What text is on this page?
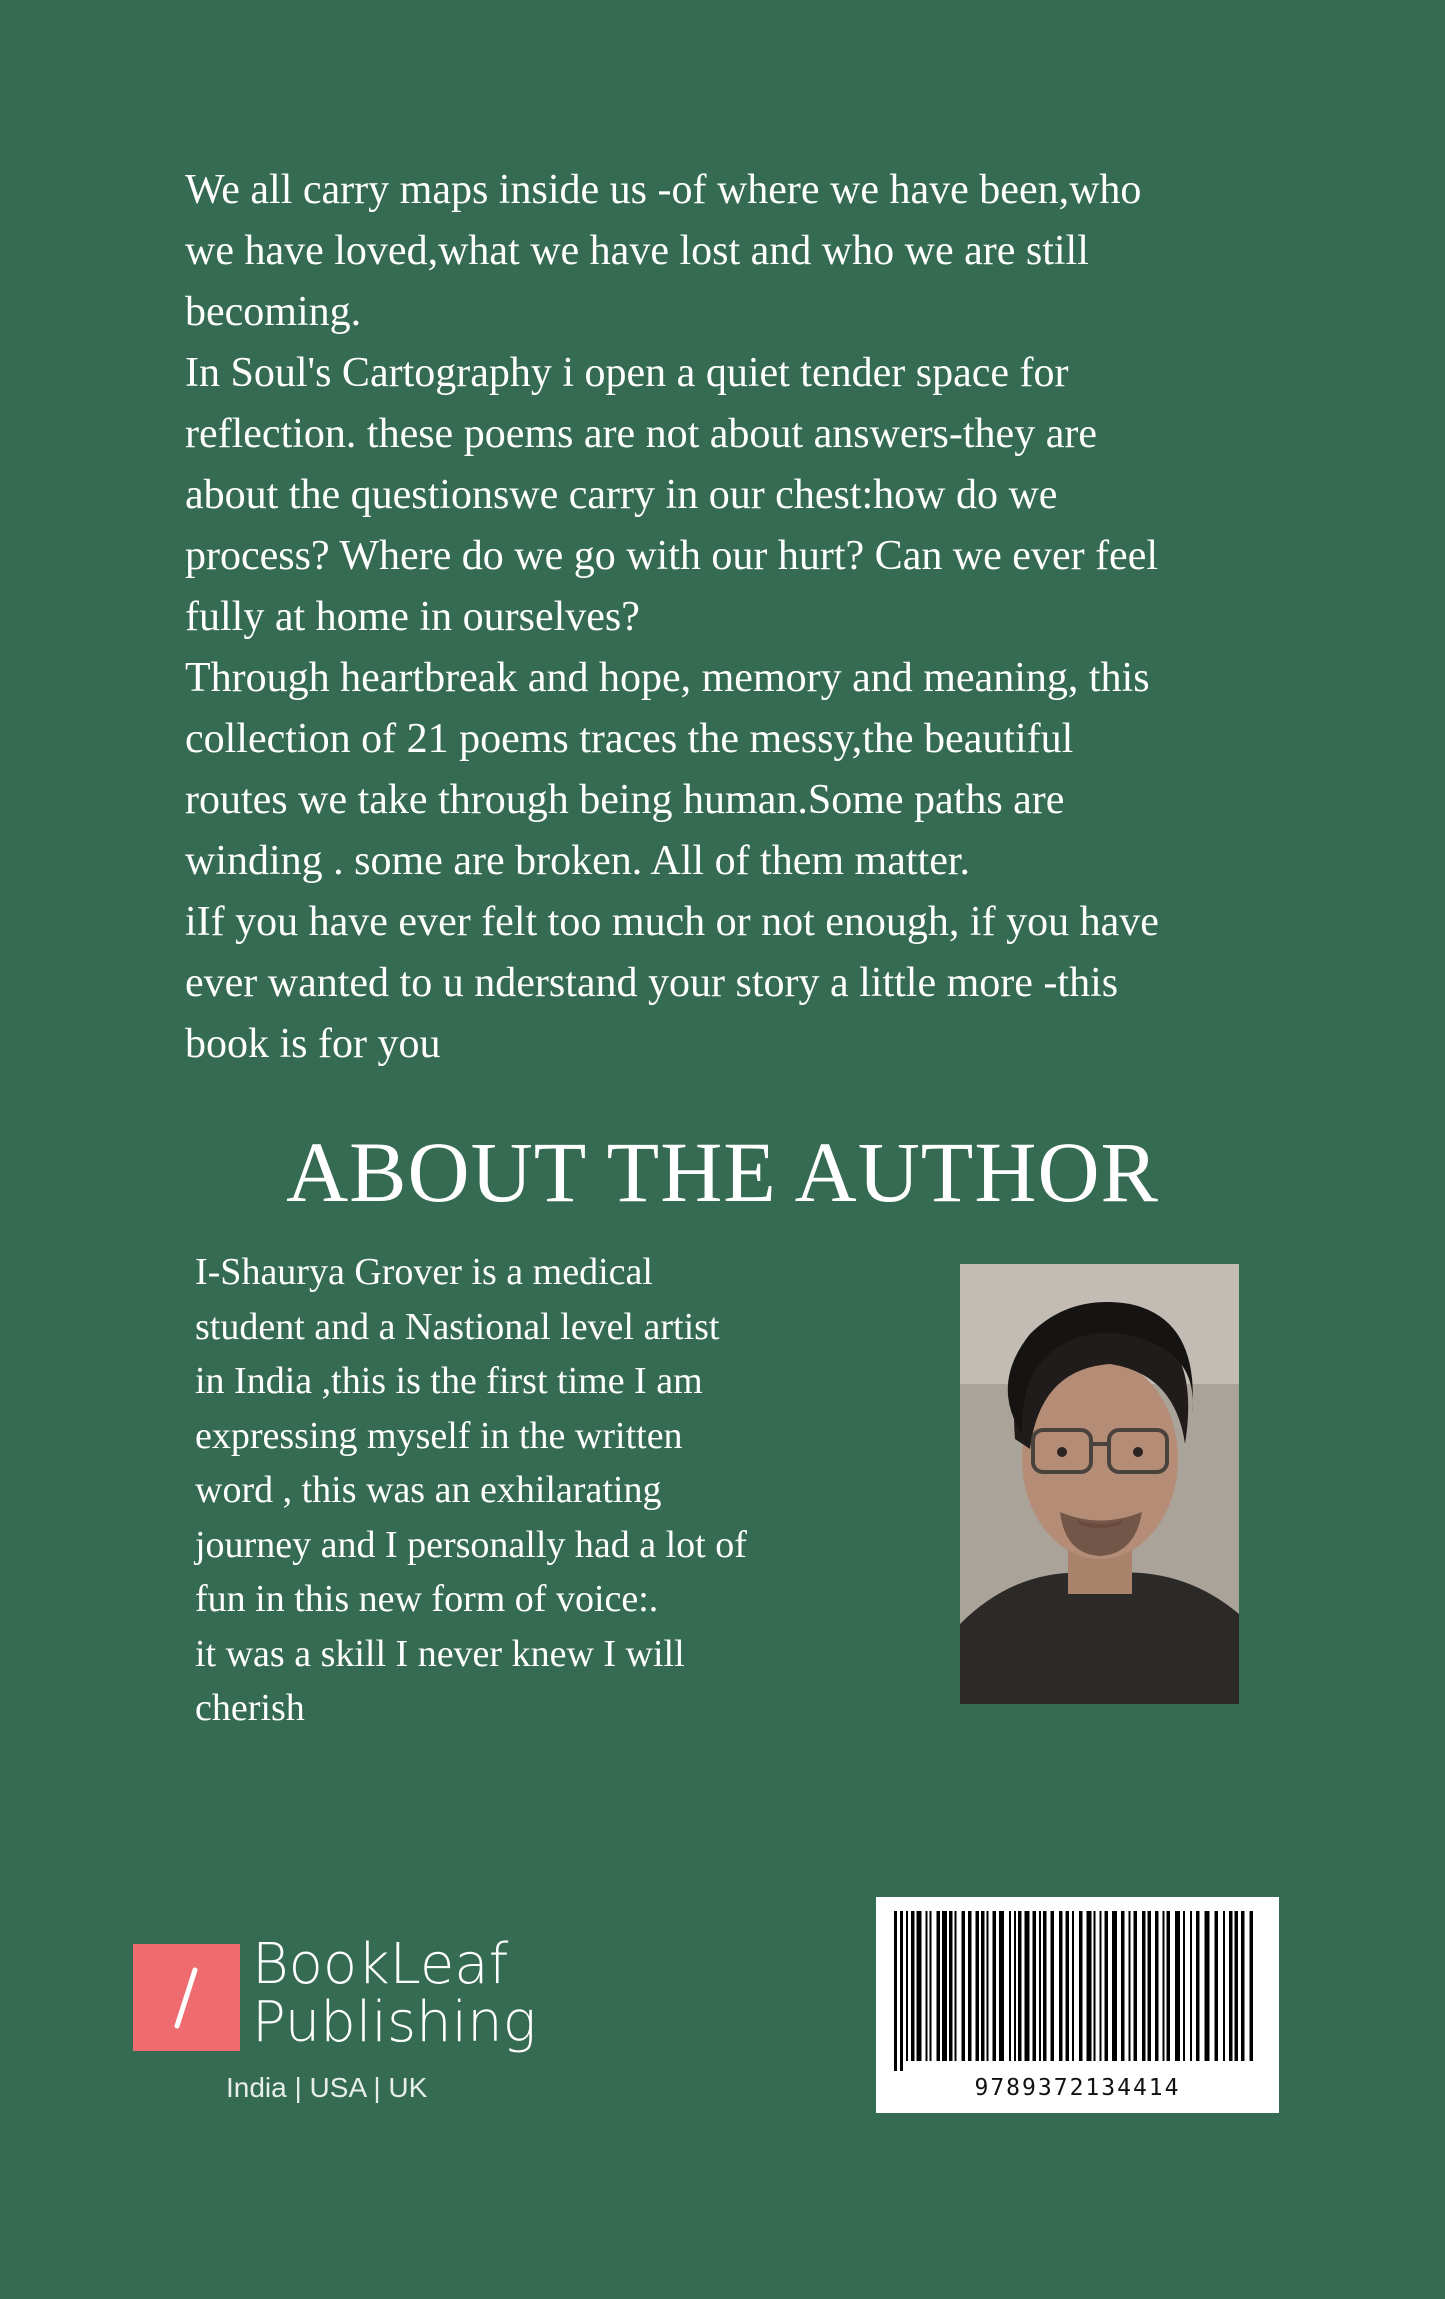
We all carry maps inside us -of where we have been,who
we have loved,what we have lost and who we are still
becoming.

In Soul's Cartography i open a quiet tender space for
reflection. these poems are not about answers-they are
about the questionswe carry in our chest:how do we
process? Where do we go with our hurt? Can we ever feel
fully at home in ourselves?

Through heartbreak and hope, memory and meaning, this
collection of 21 poems traces the messy,the beautiful
routes we take through being human.Some paths are
winding . some are broken. All of them matter.

iIf you have ever felt too much or not enough, if you have
ever wanted to u nderstand your story a little more -this
book is for you

ABOUT THE AUTHOR
I-Shaurya Grover is a medical
student and a Nastional level artist
in India ,this is the first time I am
expressing myself in the written
word , this was an exhilarating
journey and I personally had a lot of
fun in this new form of voice:.
it was a skill I never knew I will
cherish
BookLeaf
Publishing
India | USA | UK	9789372134414
